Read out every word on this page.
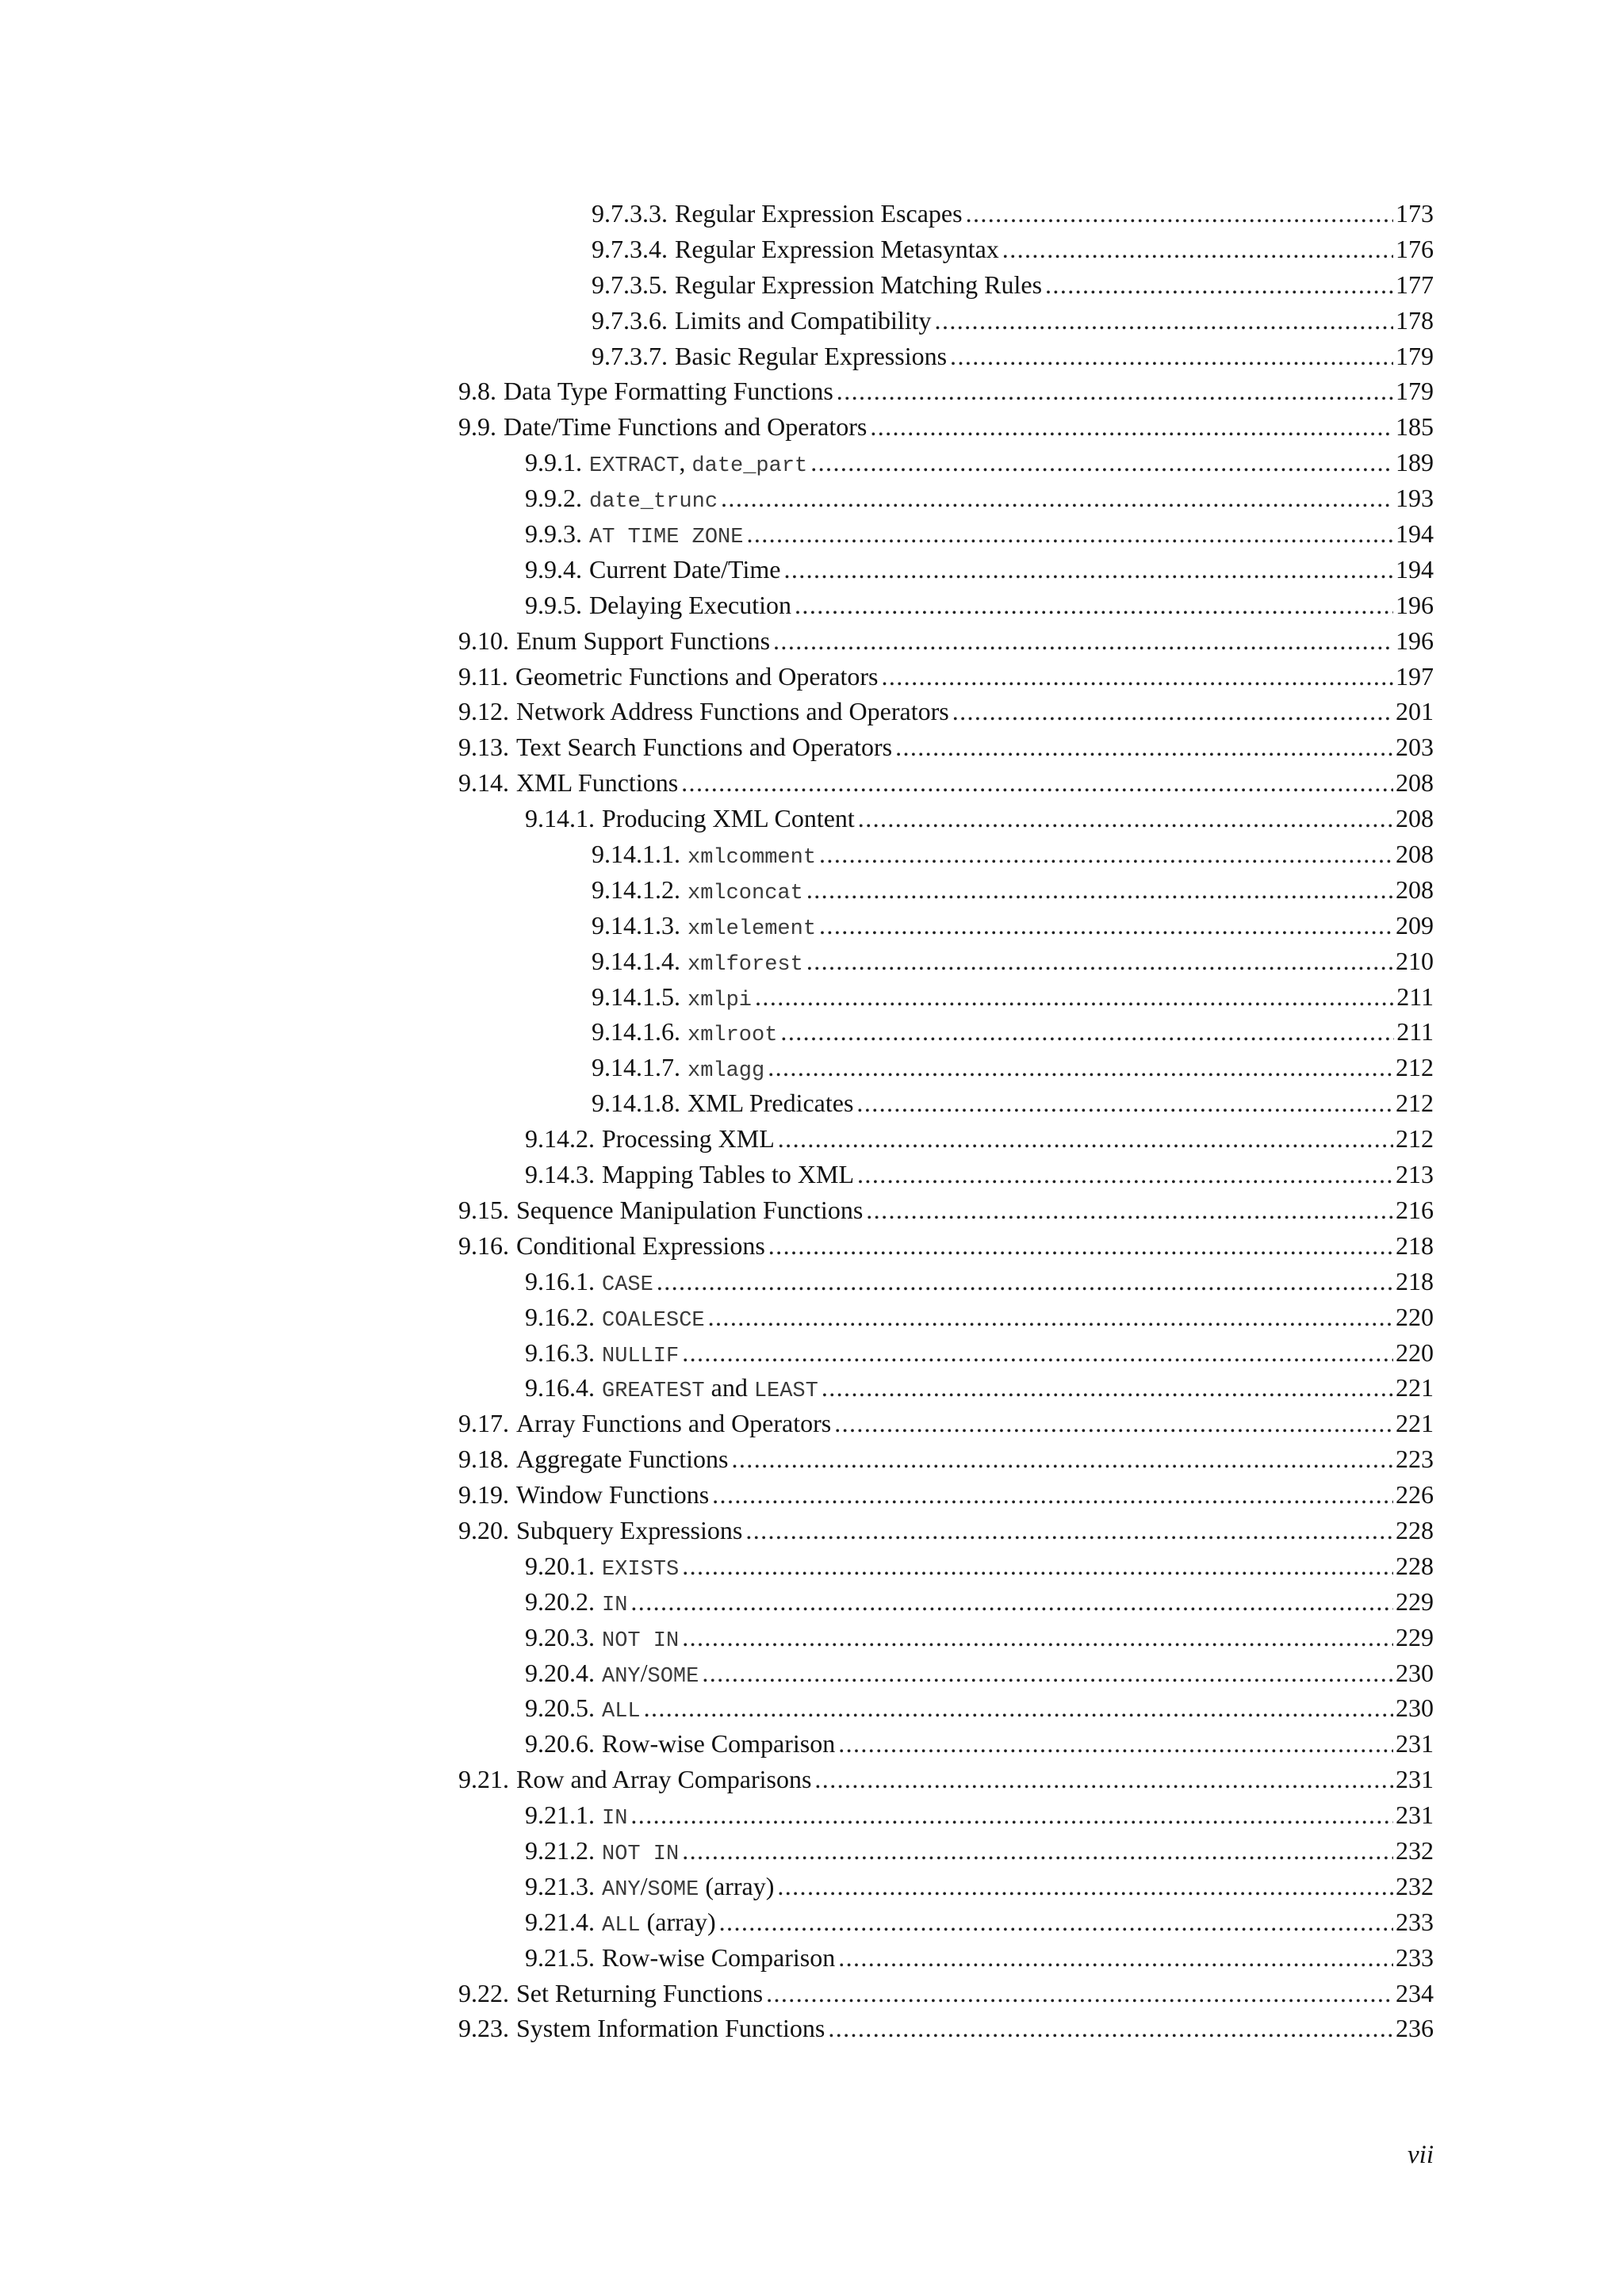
9.7.3.3. Regular Expression Escapes .....	173
9.7.3.4. Regular Expression Metasyntax .....	176
9.7.3.5. Regular Expression Matching Rules .....	177
9.7.3.6. Limits and Compatibility .....	178
9.7.3.7. Basic Regular Expressions .....	179
9.8. Data Type Formatting Functions .....	179
9.9. Date/Time Functions and Operators .....	185
9.9.1. EXTRACT, date_part .....	189
9.9.2. date_trunc .....	193
9.9.3. AT TIME ZONE .....	194
9.9.4. Current Date/Time .....	194
9.9.5. Delaying Execution .....	196
9.10. Enum Support Functions .....	196
9.11. Geometric Functions and Operators .....	197
9.12. Network Address Functions and Operators .....	201
9.13. Text Search Functions and Operators .....	203
9.14. XML Functions .....	208
9.14.1. Producing XML Content .....	208
9.14.1.1. xmlcomment .....	208
9.14.1.2. xmlconcat .....	208
9.14.1.3. xmlelement .....	209
9.14.1.4. xmlforest .....	210
9.14.1.5. xmlpi .....	211
9.14.1.6. xmlroot .....	211
9.14.1.7. xmlagg .....	212
9.14.1.8. XML Predicates .....	212
9.14.2. Processing XML .....	212
9.14.3. Mapping Tables to XML .....	213
9.15. Sequence Manipulation Functions .....	216
9.16. Conditional Expressions .....	218
9.16.1. CASE .....	218
9.16.2. COALESCE .....	220
9.16.3. NULLIF .....	220
9.16.4. GREATEST and LEAST .....	221
9.17. Array Functions and Operators .....	221
9.18. Aggregate Functions .....	223
9.19. Window Functions .....	226
9.20. Subquery Expressions .....	228
9.20.1. EXISTS .....	228
9.20.2. IN .....	229
9.20.3. NOT IN .....	229
9.20.4. ANY/SOME .....	230
9.20.5. ALL .....	230
9.20.6. Row-wise Comparison .....	231
9.21. Row and Array Comparisons .....	231
9.21.1. IN .....	231
9.21.2. NOT IN .....	232
9.21.3. ANY/SOME (array) .....	232
9.21.4. ALL (array) .....	233
9.21.5. Row-wise Comparison .....	233
9.22. Set Returning Functions .....	234
9.23. System Information Functions .....	236
vii
